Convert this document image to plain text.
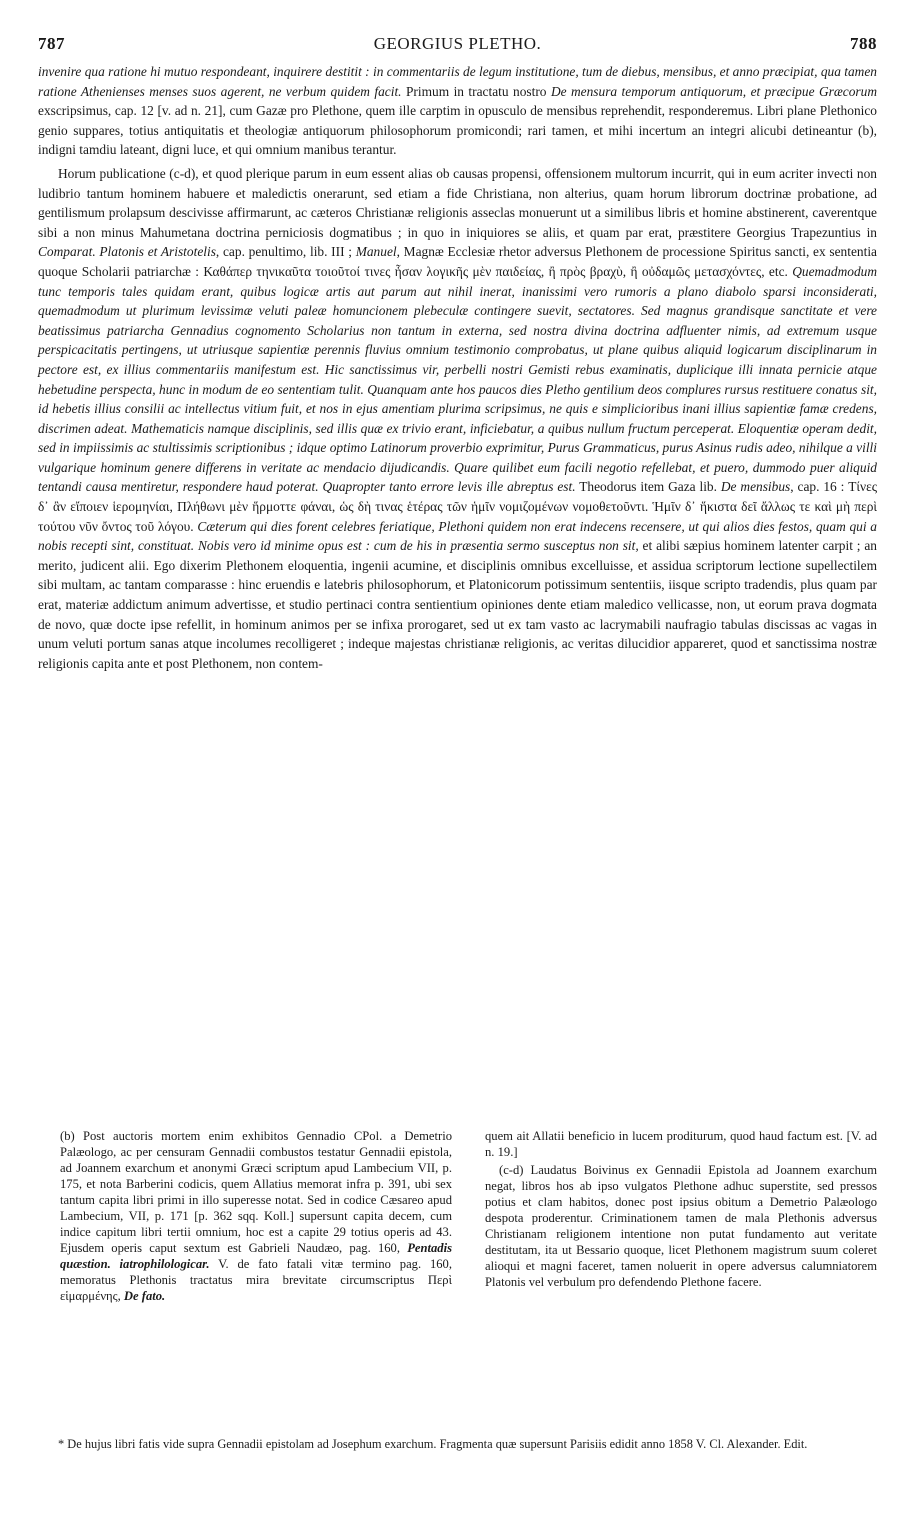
787	GEORGIUS PLETHO.	788

invenire qua ratione hi mutuo respondeant, inquirere destitit : in commentariis de legum institutione, tum de diebus, mensibus, et anno præcipiat, qua tamen ratione Athenienses menses suos agerent, ne verbum quidem facit. Primum in tractatu nostro De mensura temporum antiquorum, et præcipue Græcorum exscripsimus, cap. 12 [v. ad n. 21], cum Gazæ pro Plethone, quem ille carptim in opusculo de mensibus reprehendit, responderemus. Libri plane Plethonico genio suppares, totius antiquitatis et theologiæ antiquorum philosophorum promicondi; rari tamen, et mihi incertum an integri alicubi detineantur (b), indigni tamdiu lateant, digni luce, et qui omnium manibus terantur.

Horum publicatione (c-d), et quod plerique parum in eum essent alias ob causas propensi, offensionem multorum incurrit, qui in eum acriter invecti non ludibrio tantum hominem habuere et maledictis onerarunt, sed etiam a fide Christiana, non alterius, quam horum librorum doctrinæ probatione, ad gentilismum prolapsum descivisse affirmarunt, ac cæteros Christianæ religionis asseclas monuerunt ut a similibus libris et homine abstinerent, caverentque sibi a non minus Mahumetana doctrina perniciosis dogmatibus ; in quo in iniquiores se aliis, et quam par erat, præstitere Georgius Trapezuntius in Comparat. Platonis et Aristotelis, cap. penultimo, lib. III ; Manuel, Magnæ Ecclesiæ rhetor adversus Plethonem de processione Spiritus sancti, ex sententia quoque Scholarii patriarchæ : Καθάπερ τηνικαῦτα τοιοῦτοί τινες ἦσαν λογικῆς μὲν παιδείας, ἢ πρὸς βραχὺ, ἢ οὐδαμῶς μετασχόντες, etc. Quemadmodum tunc temporis tales quidam erant, quibus logicæ artis aut parum aut nihil inerat, inanissimi vero rumoris a plano diabolo sparsi inconsiderati, quemadmodum ut plurimum levissimæ veluti paleæ homuncionem plebeculæ contingere suevit, sectatores. Sed magnus grandisque sanctitate et vere beatissimus patriarcha Gennadius cognomento Scholarius non tantum in externa, sed nostra divina doctrina adfluenter nimis, ad extremum usque perspicacitatis pertingens, ut utriusque sapientiæ perennis fluvius omnium testimonio comprobatus, ut plane quibus aliquid logicarum disciplinarum in pectore est, ex illius commentariis manifestum est. Hic sanctissimus vir, perbelli nostri Gemisti rebus examinatis, duplicique illi innata pernicie atque hebetudine perspecta, hunc in modum de eo sententiam tulit. Quanquam ante hos paucos dies Pletho gentilium deos complures rursus restituere conatus sit, id hebetis illius consilii ac intellectus vitium fuit, et nos in ejus amentiam plurima scripsimus, ne quis e simplicioribus inani illius sapientiæ famæ credens, discrimen adeat. Mathematicis namque disciplinis, sed illis quæ ex trivio erant, inficiebatur, a quibus nullum fructum perceperat. Eloquentiæ operam dedit, sed in impiissimis ac stultissimis scriptionibus ; idque optimo Latinorum proverbio exprimitur, Purus Grammaticus, purus Asinus rudis adeo, nihilque a villi vulgarique hominum genere differens in veritate ac mendacio dijudicandis. Quare quilibet eum facili negotio refellebat, et puero, dummodo puer aliquid tentandi causa mentiretur, respondere haud poterat. Quapropter tanto errore levis ille abreptus est. Theodorus item Gaza lib. De mensibus, cap. 16 : Τίνες δ᾽ ἂν εἴποιεν ἱερομηνίαι, Πλήθωνι μὲν ἥρμοττε φάναι, ὡς δὴ τινας ἑτέρας τῶν ἡμῖν νομιζομένων νομοθετοῦντι. Ἡμῖν δ᾽ ἥκιστα δεῖ ἄλλως τε καὶ μὴ περὶ τούτου νῦν ὄντος τοῦ λόγου. Cæterum qui dies forent celebres feriatique, Plethoni quidem non erat indecens recensere, ut qui alios dies festos, quam qui a nobis recepti sint, constituat. Nobis vero id minime opus est : cum de his in præsentia sermo susceptus non sit, et alibi sæpius hominem latenter carpit ; an merito, judicent alii. Ego dixerim Plethonem eloquentia, ingenii acumine, et disciplinis omnibus excelluisse, et assidua scriptorum lectione supellectilem sibi multam, ac tantam comparasse : hinc eruendis e latebris philosophorum, et Platonicorum potissimum sententiis, iisque scripto tradendis, plus quam par erat, materiæ addictum animum advertisse, et studio pertinaci contra sentientium opiniones dente etiam maledico vellicasse, non, ut eorum prava dogmata de novo, quæ docte ipse refellit, in hominum animos per se infixa prorogaret, sed ut ex tam vasto ac lacrymabili naufragio tabulas discissas ac vagas in unum veluti portum sanas atque incolumes recolligeret ; indeque majestas christianæ religionis, ac veritas dilucidior appareret, quod et sanctissima nostræ religionis capita ante et post Plethonem, non contem-

(b) Post auctoris mortem enim exhibitos Gennadio CPol. a Demetrio Palæologo, ac per censuram Gennadii combustos testatur Gennadii epistola, ad Joannem exarchum et anonymi Græci scriptum apud Lambecium VII, p. 175, et nota Barberini codicis, quem Allatius memorat infra p. 391, ubi sex tantum capita libri primi in illo superesse notat. Sed in codice Cæsareo apud Lambecium, VII, p. 171 [p. 362 sqq. Koll.] supersunt capita decem, cum indice capitum libri tertii omnium, hoc est a capite 29 totius operis ad 43. Ejusdem operis caput sextum est Gabrieli Naudæo, pag. 160, Pentadis quæstion. iatrophilologicar. V. de fato fatali vitæ termino pag. 160, memoratus Plethonis tractatus mira brevitate circumscriptus Περὶ εἱμαρμένης, De fato.

quem ait Allatii beneficio in lucem proditurum, quod haud factum est. [V. ad n. 19.]

(c-d) Laudatus Boivinus ex Gennadii Epistola ad Joannem exarchum negat, libros hos ab ipso vulgatos Plethone adhuc superstite, sed pressos potius et clam habitos, donec post ipsius obitum a Demetrio Palæologo despota proderentur. Criminationem tamen de mala Plethonis adversus Christianam religionem intentione non putat fundamento aut veritate destitutam, ita ut Bessario quoque, licet Plethonem magistrum suum coleret alioqui et magni faceret, tamen noluerit in opere adversus calumniatorem Platonis vel verbulum pro defendendo Plethone facere.

* De hujus libri fatis vide supra Gennadii epistolam ad Josephum exarchum. Fragmenta quæ supersunt Parisiis edidit anno 1858 V. Cl. Alexander. Edit.
